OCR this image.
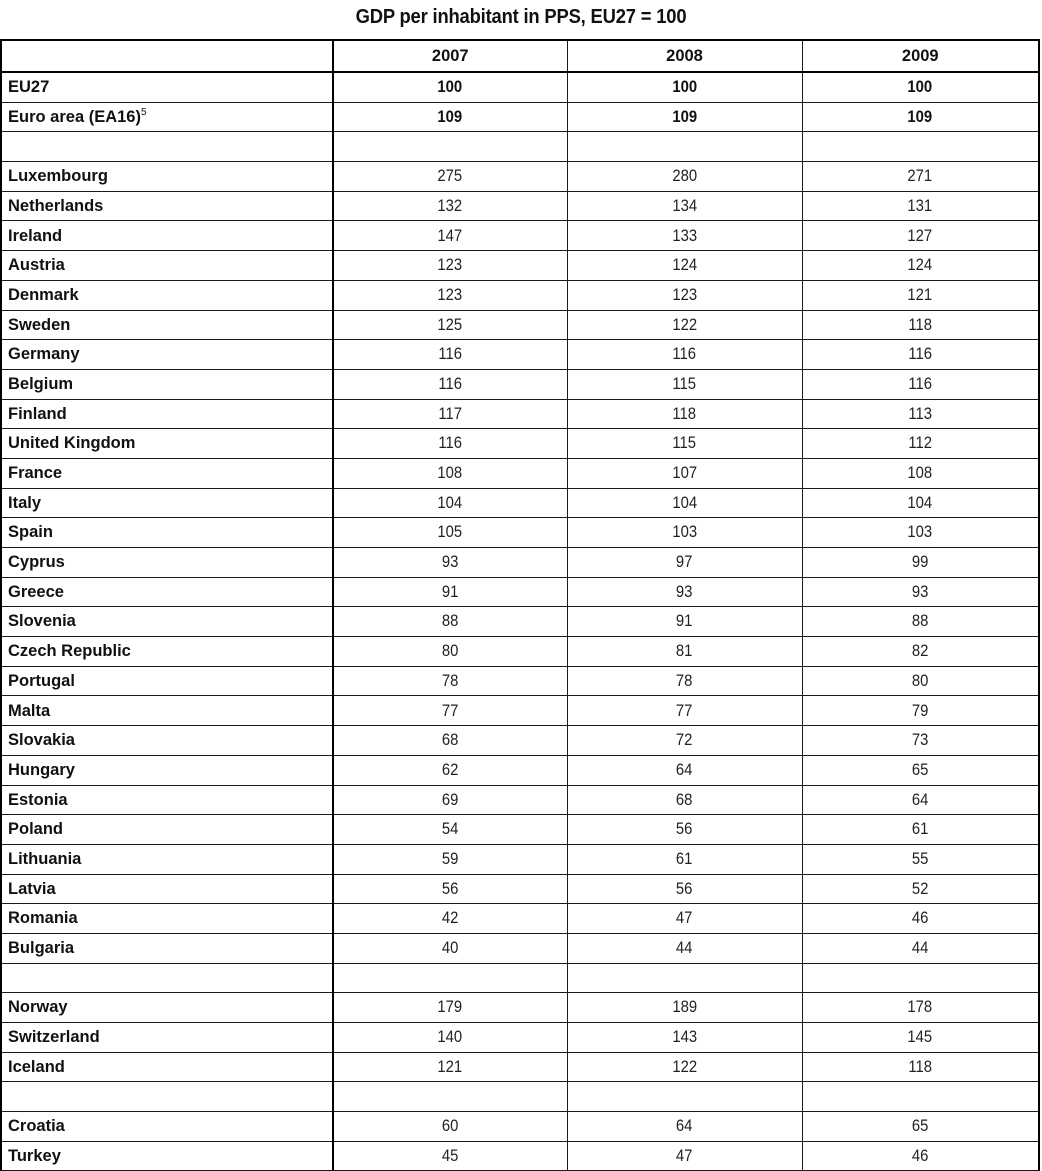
GDP per inhabitant in PPS, EU27 = 100
	2007	2008	2009
EU27	100	100	100
Euro area $(EA16)^5$	109	109	109

Luxembourg	275	280	271
Netherlands	132	134	131
Ireland	147	133	127
Austria	123	124	124
Denmark	123	123	121
Sweden	125	122	118
Germany	116	116	116
Belgium	116	115	116
Finland	117	118	113
United Kingdom	116	115	112
France	108	107	108
Italy	104	104	104
Spain	105	103	103
Cyprus	93	97	99
Greece	91	93	93
Slovenia	88	91	88
Czech Republic	80	81	82
Portugal	78	78	80
Malta	77	77	79
Slovakia	68	72	73
Hungary	62	64	65
Estonia	69	68	64
Poland	54	56	61
Lithuania	59	61	55
Latvia	56	56	52
Romania	42	47	46
Bulgaria	40	44	44

Norway	179	189	178
Switzerland	140	143	145
Iceland	121	122	118

Croatia	60	64	65
Turkey	45	47	46
